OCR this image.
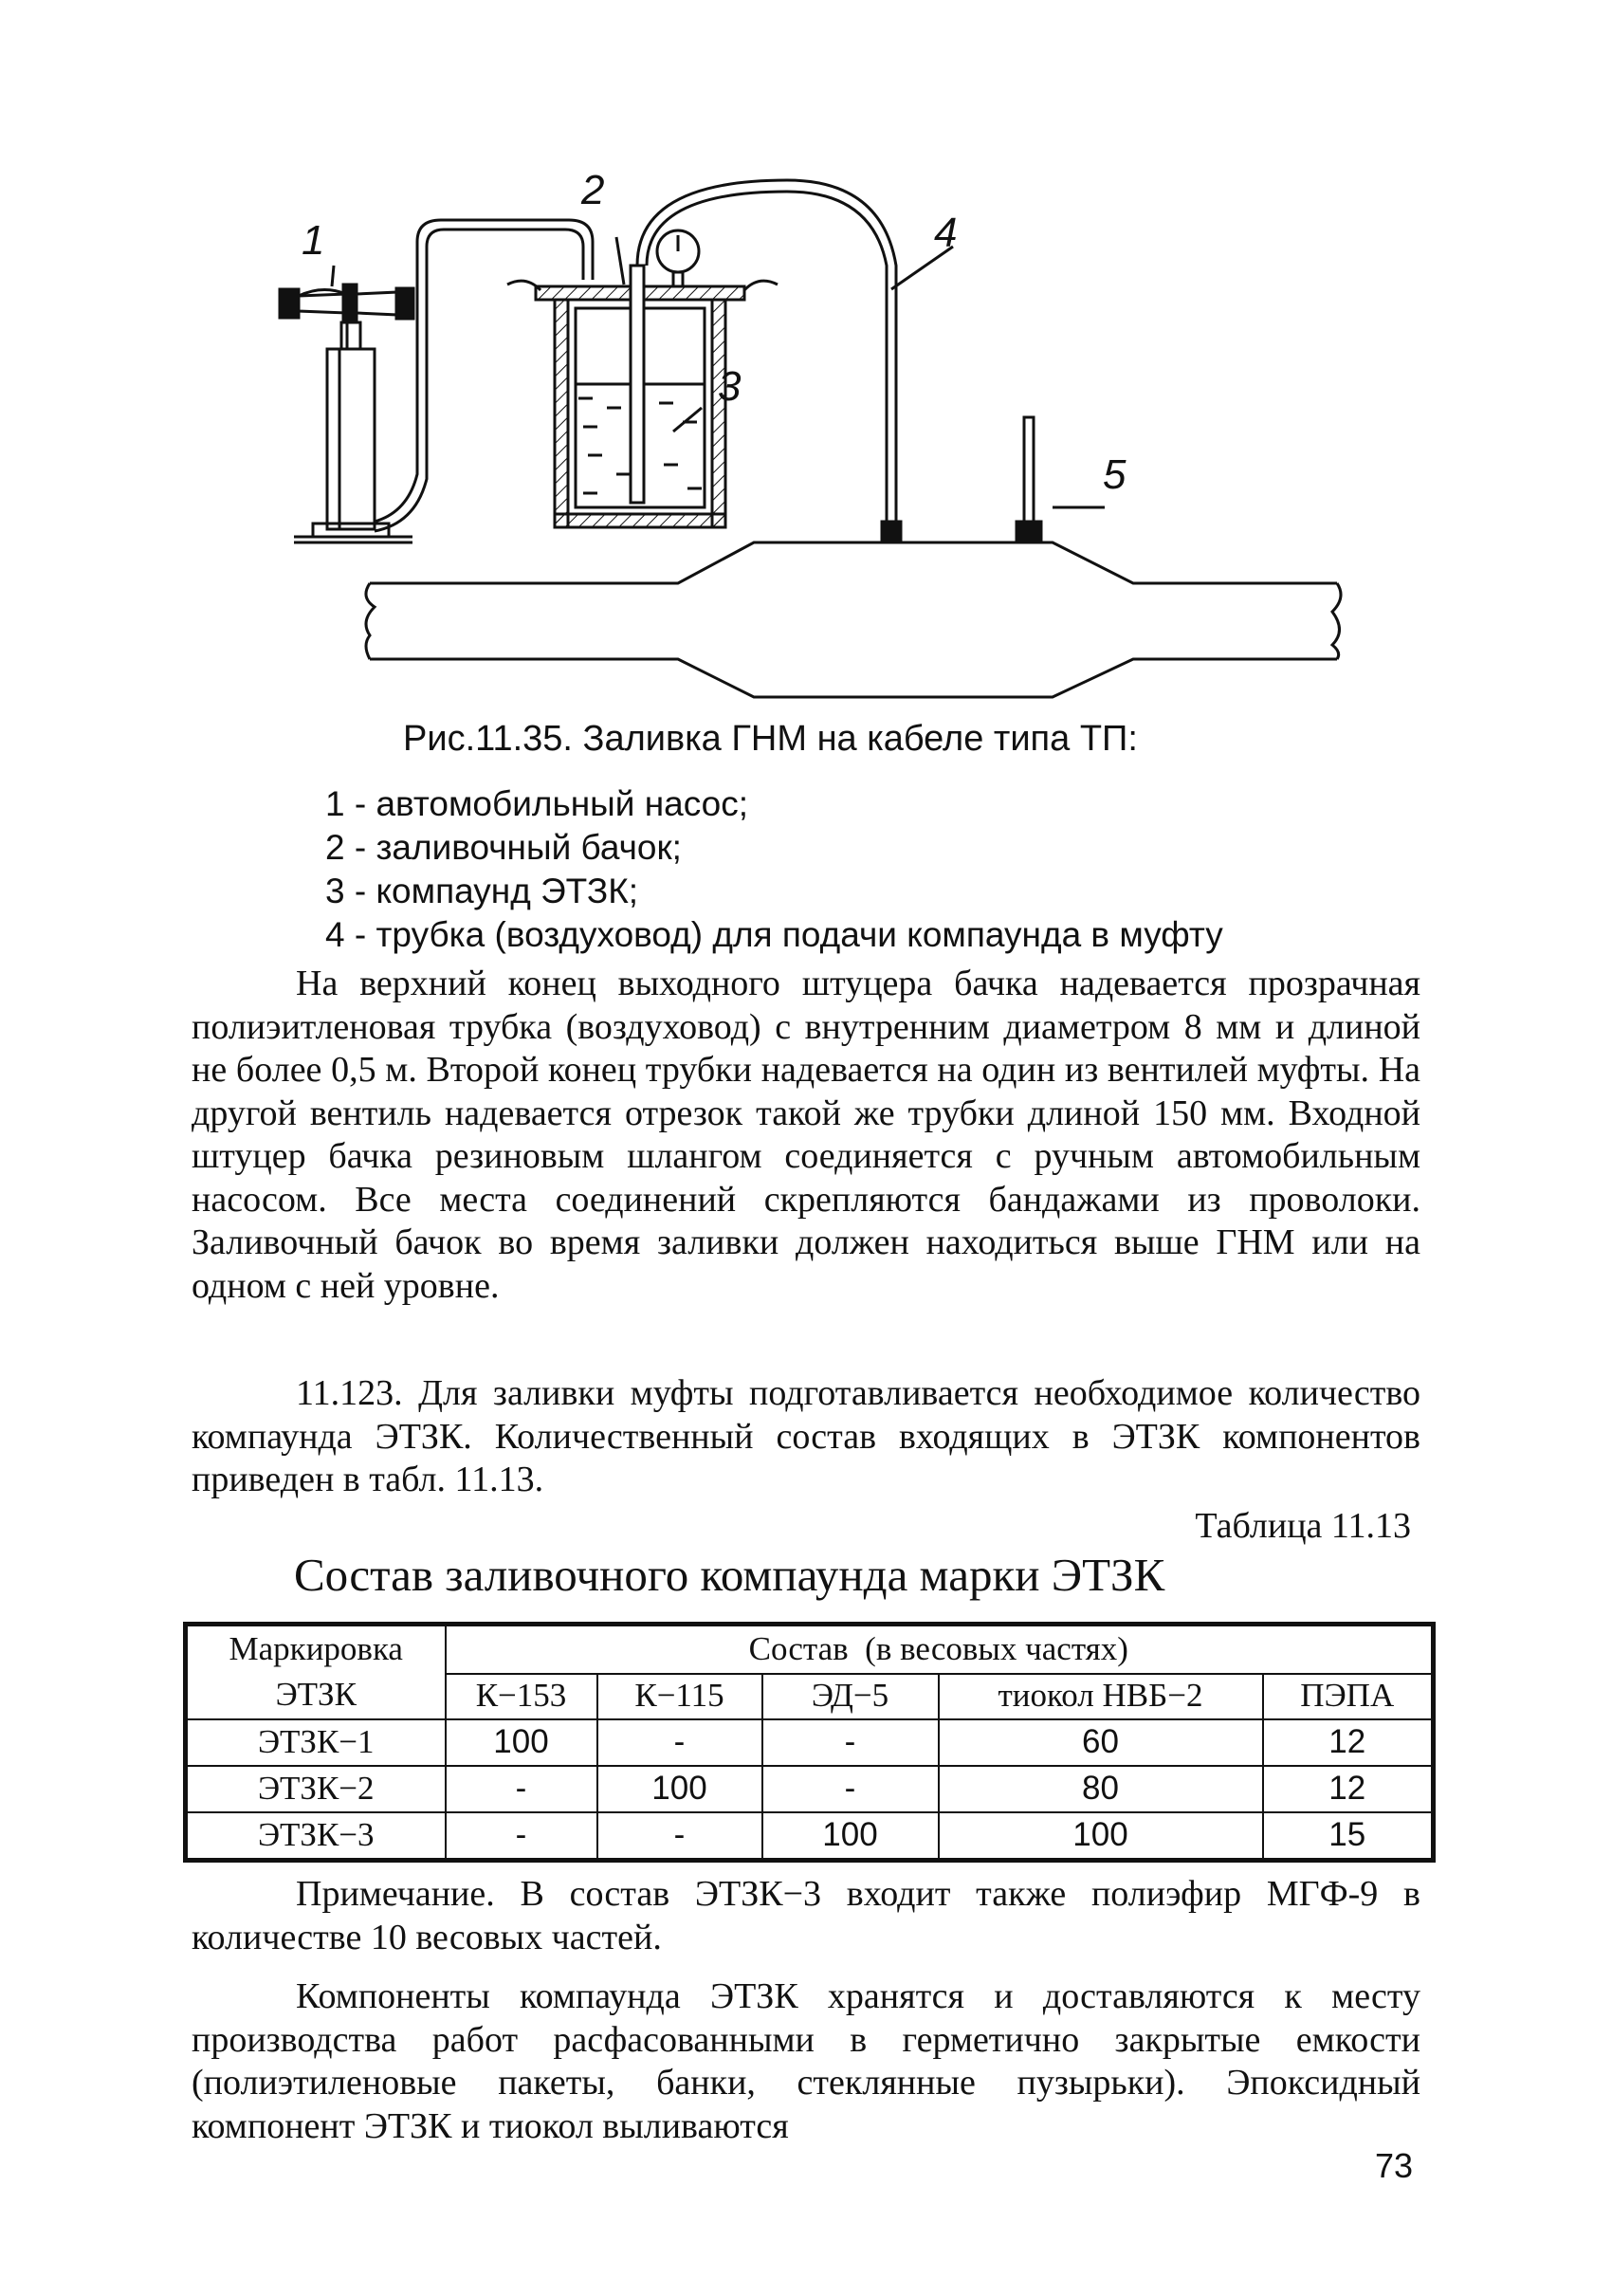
1
2
3
4
5
Рис.11.35. Заливка ГНМ на кабеле типа ТП:
1 - автомобильный насос;
2 - заливочный бачок;
3 - компаунд ЭТЗК;
4 - трубка (воздуховод) для подачи компаунда в муфту

На верхний конец выходного штуцера бачка надевается прозрачная полиэитленовая трубка (воздуховод) с внутренним диаметром 8 мм и длиной не более 0,5 м. Второй конец трубки надевается на один из вентилей муфты. На другой вентиль надевается отрезок такой же трубки длиной 150 мм. Входной штуцер бачка резиновым шлангом соединяется с ручным автомобильным насосом. Все места соединений скрепляются бандажами из проволоки. Заливочный бачок во время заливки должен находиться выше ГНМ или на одном с ней уровне.

11.123. Для заливки муфты подготавливается необходимое количество компаунда ЭТЗК. Количественный состав входящих в ЭТЗК компонентов приведен в табл. 11.13.

Таблица 11.13
Состав заливочного компаунда марки ЭТЗК
Маркировка
ЭТЗК	Состав  (в весовых частях)				
	К−153	К−115	ЭД−5	тиокол НВБ−2	ПЭПА
ЭТЗК−1	100	-	-	60	12
ЭТЗК−2	-	100	-	80	12
ЭТЗК−3	-	-	100	100	15

Примечание. В состав ЭТЗК−3 входит также полиэфир МГФ-9 в количестве 10 весовых частей.

Компоненты компаунда ЭТЗК хранятся и доставляются к месту производства работ расфасованными в герметично закрытые емкости (полиэтиленовые пакеты, банки, стеклянные пузырьки). Эпоксидный компонент ЭТЗК и тиокол выливаются

73
